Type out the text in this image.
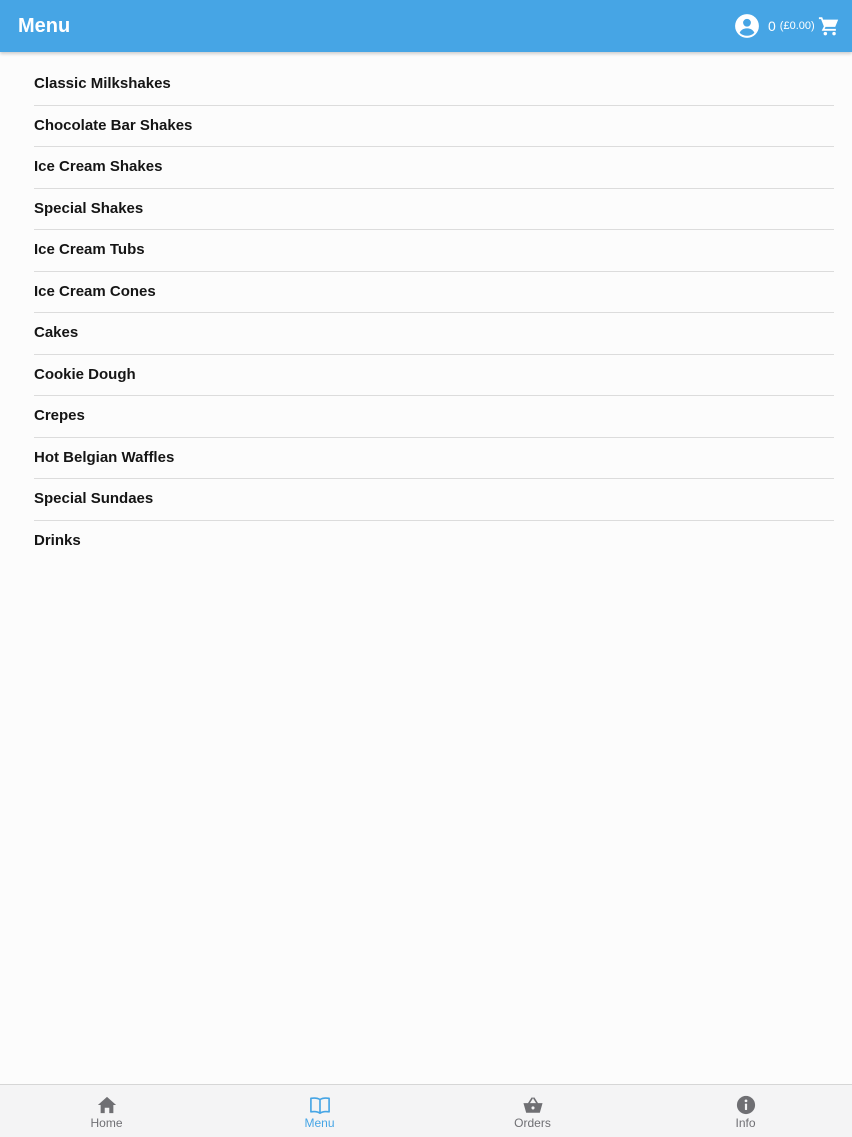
Menu	0 (£0.00)
Classic Milkshakes
Chocolate Bar Shakes
Ice Cream Shakes
Special Shakes
Ice Cream Tubs
Ice Cream Cones
Cakes
Cookie Dough
Crepes
Hot Belgian Waffles
Special Sundaes
Drinks
Home	Menu	Orders	Info
